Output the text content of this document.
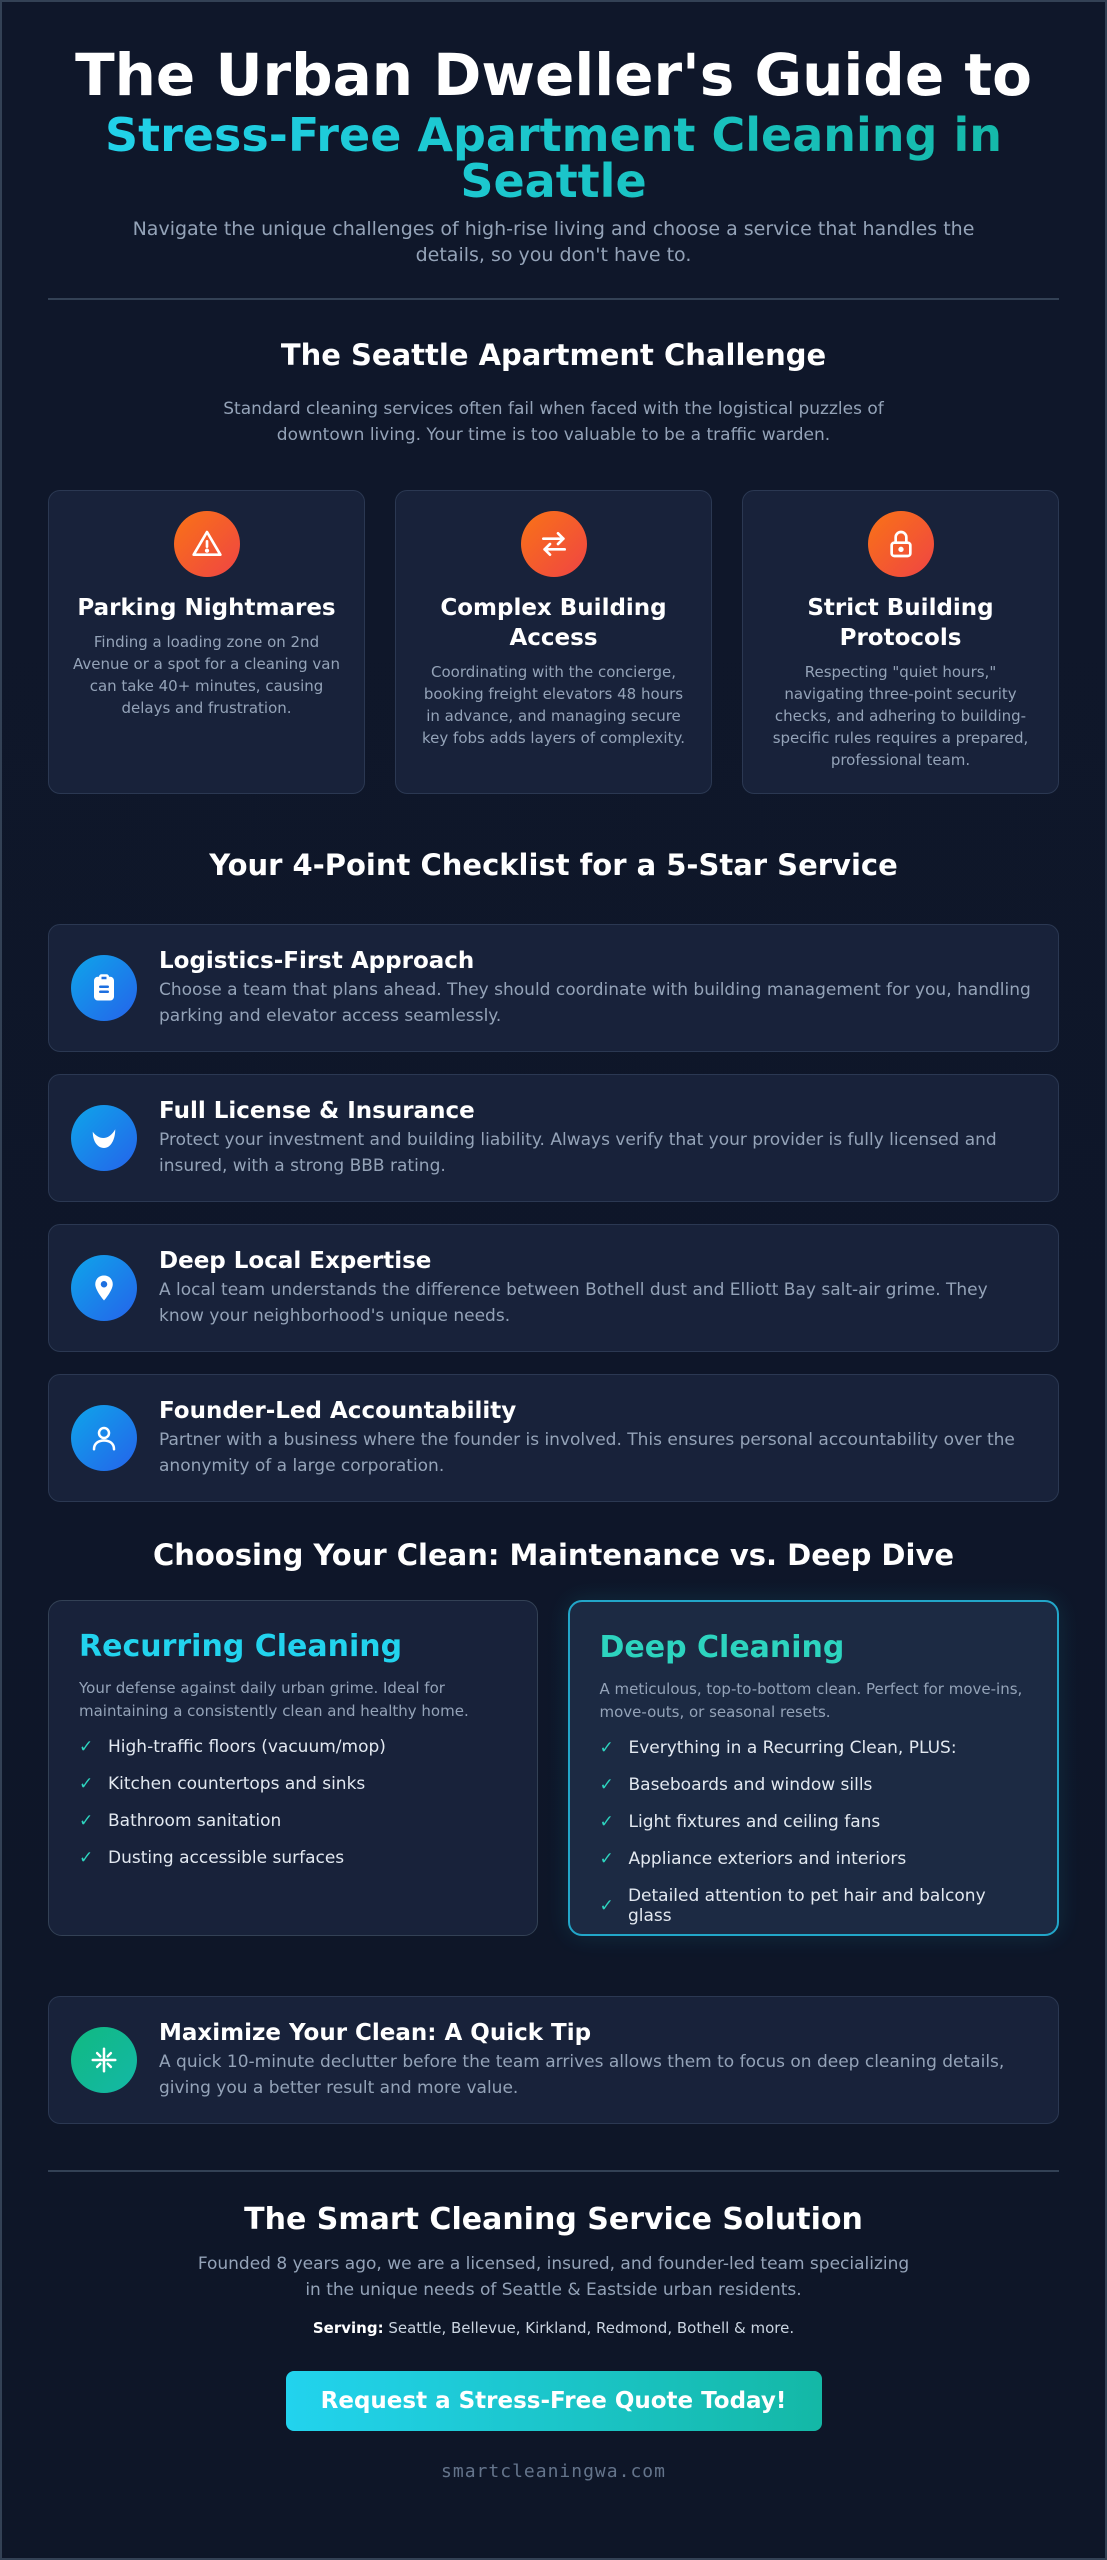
The Urban Dweller's Guide to
Stress-Free Apartment Cleaning in Seattle

Navigate the unique challenges of high-rise living and choose a service that handles the details, so you don't have to.

The Seattle Apartment Challenge

Standard cleaning services often fail when faced with the logistical puzzles of downtown living. Your time is too valuable to be a traffic warden.

Parking Nightmares

Finding a loading zone on 2nd Avenue or a spot for a cleaning van can take 40+ minutes, causing delays and frustration.

Complex Building Access

Coordinating with the concierge, booking freight elevators 48 hours in advance, and managing secure key fobs adds layers of complexity.

Strict Building Protocols

Respecting "quiet hours," navigating three-point security checks, and adhering to building-specific rules requires a prepared, professional team.

Your 4-Point Checklist for a 5-Star Service
Logistics-First Approach

Choose a team that plans ahead. They should coordinate with building management for you, handling parking and elevator access seamlessly.

Full License & Insurance

Protect your investment and building liability. Always verify that your provider is fully licensed and insured, with a strong BBB rating.

Deep Local Expertise

A local team understands the difference between Bothell dust and Elliott Bay salt-air grime. They know your neighborhood's unique needs.

Founder-Led Accountability

Partner with a business where the founder is involved. This ensures personal accountability over the anonymity of a large corporation.

Choosing Your Clean: Maintenance vs. Deep Dive
Recurring Cleaning

Your defense against daily urban grime. Ideal for maintaining a consistently clean and healthy home.

✓ High-traffic floors (vacuum/mop)
✓ Kitchen countertops and sinks
✓ Bathroom sanitation
✓ Dusting accessible surfaces
Deep Cleaning

A meticulous, top-to-bottom clean. Perfect for move-ins, move-outs, or seasonal resets.

✓ Everything in a Recurring Clean, PLUS:
✓ Baseboards and window sills
✓ Light fixtures and ceiling fans
✓ Appliance exteriors and interiors
✓ Detailed attention to pet hair and balcony glass
Maximize Your Clean: A Quick Tip

A quick 10-minute declutter before the team arrives allows them to focus on deep cleaning details, giving you a better result and more value.

The Smart Cleaning Service Solution

Founded 8 years ago, we are a licensed, insured, and founder-led team specializing in the unique needs of Seattle & Eastside urban residents.

Serving: Seattle, Bellevue, Kirkland, Redmond, Bothell & more.

Request a Stress-Free Quote Today!

smartcleaningwa.com
